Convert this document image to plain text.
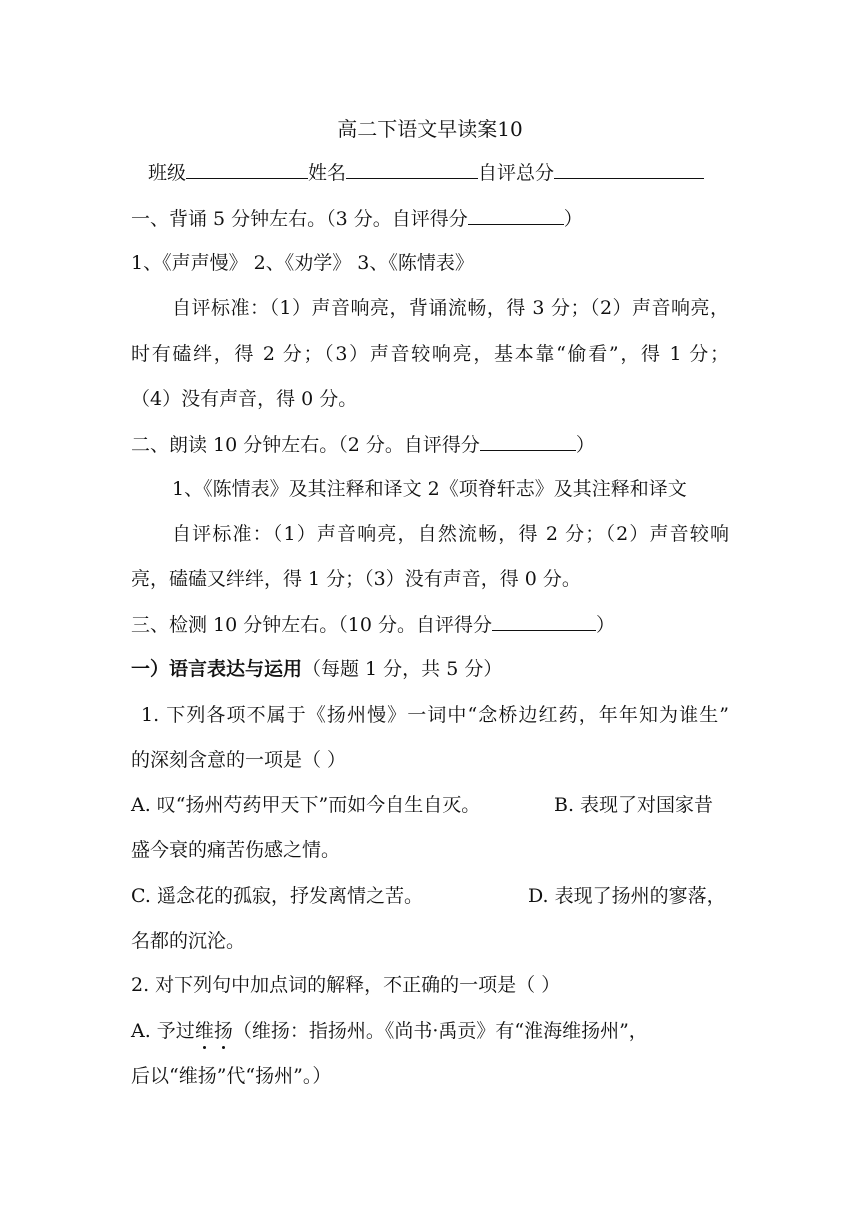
高二下语文早读案10
班级	姓名	自评总分
一、背诵 5 分钟左右。（3 分。自评得分	）
1、《声声慢》 2、《劝学》 3、《陈情表》
自评标准：（1）声音响亮，背诵流畅，得 3 分；（2）声音响亮，
时有磕绊，得 2 分；（3）声音较响亮，基本靠“偷看”，得 1 分；
（4）没有声音，得 0 分。
二、朗读 10 分钟左右。（2 分。自评得分	）
1、《陈情表》及其注释和译文 2《项脊轩志》及其注释和译文
自评标准：（1）声音响亮，自然流畅，得 2 分；（2）声音较响
亮，磕磕又绊绊，得 1 分；（3）没有声音，得 0 分。
三、检测 10 分钟左右。（10 分。自评得分	）
一）语言表达与运用（每题 1 分，共 5 分）
1. 下列各项不属于《扬州慢》一词中“念桥边红药，年年知为谁生”
的深刻含意的一项是（ ）
A. 叹“扬州芍药甲天下”而如今自生自灭。	B. 表现了对国家昔
盛今衰的痛苦伤感之情。
C. 遥念花的孤寂，抒发离情之苦。	D. 表现了扬州的寥落，
名都的沉沦。
2. 对下列句中加点词的解释，不正确的一项是（ ）
A. 予过维扬（维扬：指扬州。《尚书·禹贡》有“淮海维扬州”，
后以“维扬”代“扬州”。）
